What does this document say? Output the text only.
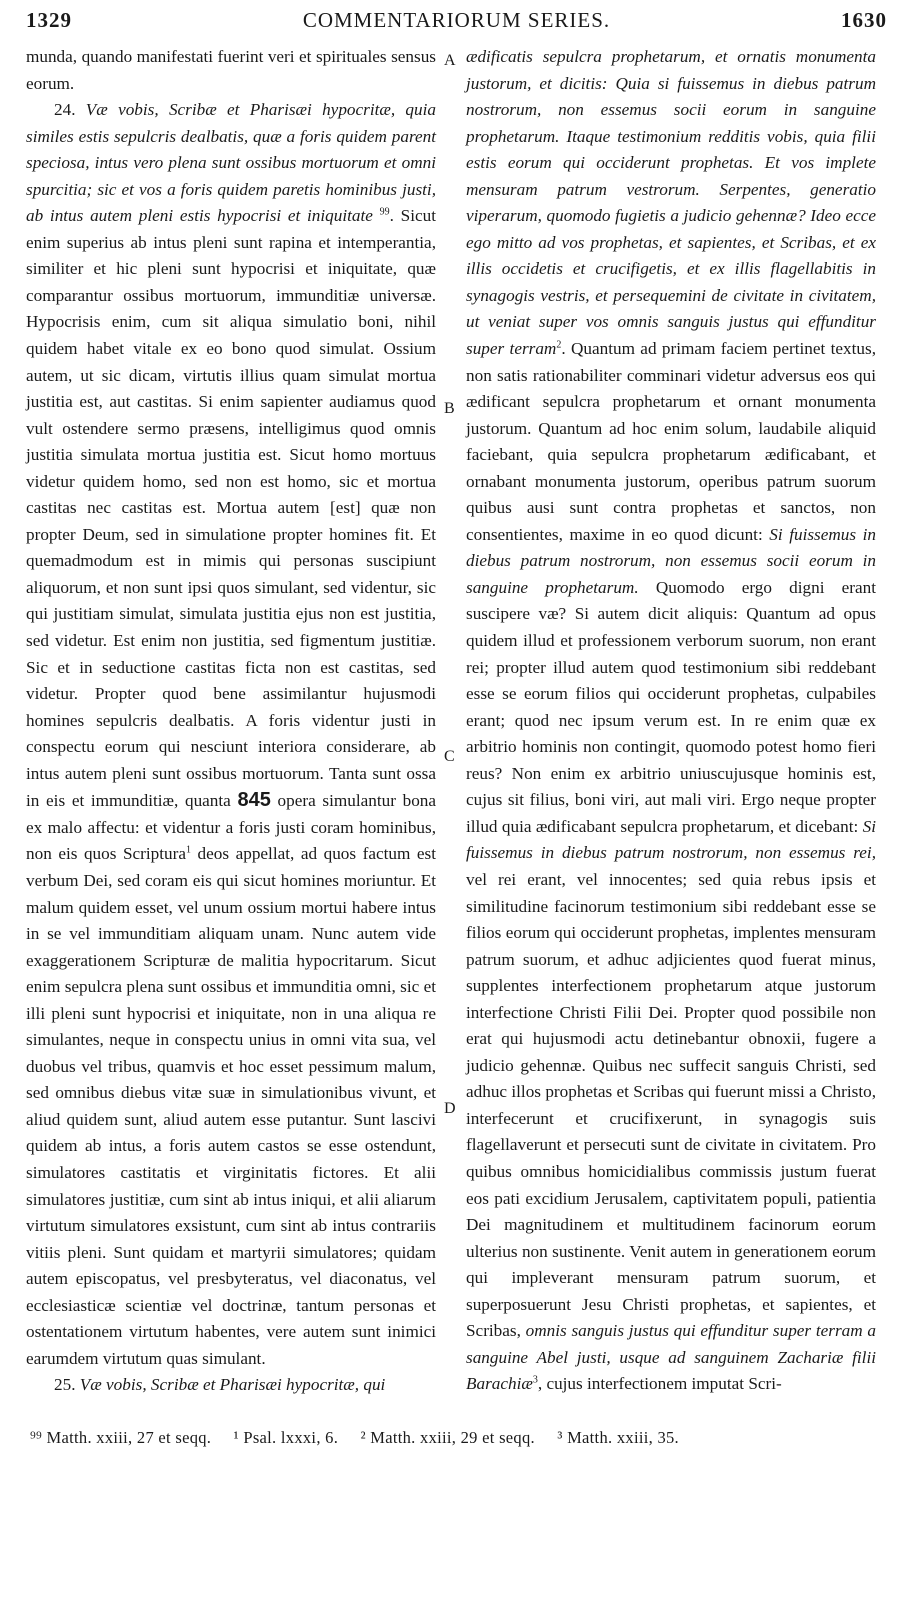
1329	COMMENTARIORUM SERIES.	1630
A
B
C
D

munda, quando manifestati fuerint veri et spirituales sensus eorum.

24. Væ vobis, Scribæ et Pharisæi hypocritæ, quia similes estis sepulcris dealbatis, quæ a foris quidem parent speciosa, intus vero plena sunt ossibus mortuorum et omni spurcitia; sic et vos a foris quidem paretis hominibus justi, ab intus autem pleni estis hypocrisi et iniquitate $^{99}$. Sicut enim superius ab intus pleni sunt rapina et intemperantia, similiter et hic pleni sunt hypocrisi et iniquitate, quæ comparantur ossibus mortuorum, immunditiæ universæ. Hypocrisis enim, cum sit aliqua simulatio boni, nihil quidem habet vitale ex eo bono quod simulat. Ossium autem, ut sic dicam, virtutis illius quam simulat mortua justitia est, aut castitas. Si enim sapienter audiamus quod vult ostendere sermo præsens, intelligimus quod omnis justitia simulata mortua justitia est. Sicut homo mortuus videtur quidem homo, sed non est homo, sic et mortua castitas nec castitas est. Mortua autem [est] quæ non propter Deum, sed in simulatione propter homines fit. Et quemadmodum est in mimis qui personas suscipiunt aliquorum, et non sunt ipsi quos simulant, sed videntur, sic qui justitiam simulat, simulata justitia ejus non est justitia, sed videtur. Est enim non justitia, sed figmentum justitiæ. Sic et in seductione castitas ficta non est castitas, sed videtur. Propter quod bene assimilantur hujusmodi homines sepulcris dealbatis. A foris videntur justi in conspectu eorum qui nesciunt interiora considerare, ab intus autem pleni sunt ossibus mortuorum. Tanta sunt ossa in eis et immunditiæ, quanta 845 opera simulantur bona ex malo affectu: et videntur a foris justi coram hominibus, non eis quos Scriptura$^1$ deos appellat, ad quos factum est verbum Dei, sed coram eis qui sicut homines moriuntur. Et malum quidem esset, vel unum ossium mortui habere intus in se vel immunditiam aliquam unam. Nunc autem vide exaggerationem Scripturæ de malitia hypocritarum. Sicut enim sepulcra plena sunt ossibus et immunditia omni, sic et illi pleni sunt hypocrisi et iniquitate, non in una aliqua re simulantes, neque in conspectu unius in omni vita sua, vel duobus vel tribus, quamvis et hoc esset pessimum malum, sed omnibus diebus vitæ suæ in simulationibus vivunt, et aliud quidem sunt, aliud autem esse putantur. Sunt lascivi quidem ab intus, a foris autem castos se esse ostendunt, simulatores castitatis et virginitatis fictores. Et alii simulatores justitiæ, cum sint ab intus iniqui, et alii aliarum virtutum simulatores exsistunt, cum sint ab intus contrariis vitiis pleni. Sunt quidam et martyrii simulatores; quidam autem episcopatus, vel presbyteratus, vel diaconatus, vel ecclesiasticæ scientiæ vel doctrinæ, tantum personas et ostentationem virtutum habentes, vere autem sunt inimici earumdem virtutum quas simulant.

25. Væ vobis, Scribæ et Pharisæi hypocritæ, qui

ædificatis sepulcra prophetarum, et ornatis monumenta justorum, et dicitis: Quia si fuissemus in diebus patrum nostrorum, non essemus socii eorum in sanguine prophetarum. Itaque testimonium redditis vobis, quia filii estis eorum qui occiderunt prophetas. Et vos implete mensuram patrum vestrorum. Serpentes, generatio viperarum, quomodo fugietis a judicio gehennæ? Ideo ecce ego mitto ad vos prophetas, et sapientes, et Scribas, et ex illis occidetis et crucifigetis, et ex illis flagellabitis in synagogis vestris, et persequemini de civitate in civitatem, ut veniat super vos omnis sanguis justus qui effunditur super terram$^2$. Quantum ad primam faciem pertinet textus, non satis rationabiliter comminari videtur adversus eos qui ædificant sepulcra prophetarum et ornant monumenta justorum. Quantum ad hoc enim solum, laudabile aliquid faciebant, quia sepulcra prophetarum ædificabant, et ornabant monumenta justorum, operibus patrum suorum quibus ausi sunt contra prophetas et sanctos, non consentientes, maxime in eo quod dicunt: Si fuissemus in diebus patrum nostrorum, non essemus socii eorum in sanguine prophetarum. Quomodo ergo digni erant suscipere væ? Si autem dicit aliquis: Quantum ad opus quidem illud et professionem verborum suorum, non erant rei; propter illud autem quod testimonium sibi reddebant esse se eorum filios qui occiderunt prophetas, culpabiles erant; quod nec ipsum verum est. In re enim quæ ex arbitrio hominis non contingit, quomodo potest homo fieri reus? Non enim ex arbitrio uniuscujusque hominis est, cujus sit filius, boni viri, aut mali viri. Ergo neque propter illud quia ædificabant sepulcra prophetarum, et dicebant: Si fuissemus in diebus patrum nostrorum, non essemus rei, vel rei erant, vel innocentes; sed quia rebus ipsis et similitudine facinorum testimonium sibi reddebant esse se filios eorum qui occiderunt prophetas, implentes mensuram patrum suorum, et adhuc adjicientes quod fuerat minus, supplentes interfectionem prophetarum atque justorum interfectione Christi Filii Dei. Propter quod possibile non erat qui hujusmodi actu detinebantur obnoxii, fugere a judicio gehennæ. Quibus nec suffecit sanguis Christi, sed adhuc illos prophetas et Scribas qui fuerunt missi a Christo, interfecerunt et crucifixerunt, in synagogis suis flagellaverunt et persecuti sunt de civitate in civitatem. Pro quibus omnibus homicidialibus commissis justum fuerat eos pati excidium Jerusalem, captivitatem populi, patientia Dei magnitudinem et multitudinem facinorum eorum ulterius non sustinente. Venit autem in generationem eorum qui impleverant mensuram patrum suorum, et superposuerunt Jesu Christi prophetas, et sapientes, et Scribas, omnis sanguis justus qui effunditur super terram a sanguine Abel justi, usque ad sanguinem Zachariæ filii Barachiæ$^3$, cujus interfectionem imputat Scri-

⁹⁹ Matth. xxiii, 27 et seqq. ¹ Psal. lxxxi, 6. ² Matth. xxiii, 29 et seqq. ³ Matth. xxiii, 35.
